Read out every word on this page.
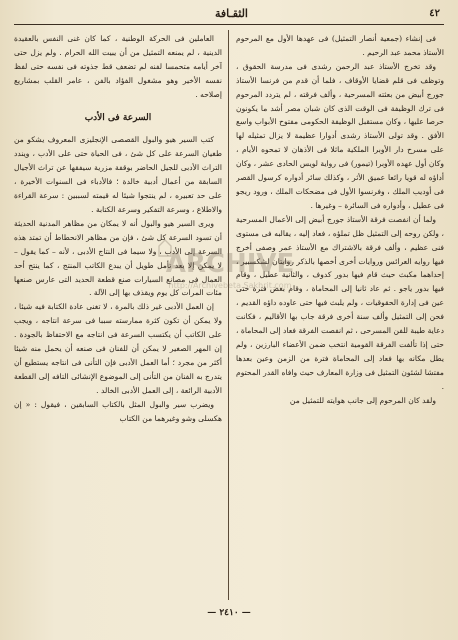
٤٢
الثقـافة

فى إنشاء (جمعية أنصار التمثيل) فى عهدها الأول مع المرحوم الأستاذ محمد عبد الرحيم .

وقد تخرج الأستاذ عبد الرحمن رشدى فى مدرسة الحقوق ، وتوظف فى قلم قضايا الأوقاف ، فلما أن قدم من فرنسا الأستاذ جورج أبيض من بعثته المسرحية ، وألف فرقته ، لم يتردد المرحوم فى ترك الوظيفة فى الوقت الذى كان شبان مصر أشد ما يكونون حرصا عليها ، وكان مستقبل الوظيفة الحكومى مفتوح الأبواب واسع الأفق . وقد تولى الأستاذ رشدى أدوارا عظيمة لا يزال تمثيله لها على مسرح دار الأوبرا الملكية ماثلا فى الأذهان لا تمحوه الأيام ، وكان أول عهده الأوبرا (تيمور) فى رواية لويس الحادى عشر ، وكان أداؤه له قويا رائعا عميق الأثر ، وكذلك سائر أدواره كرسول القصر فى أوديب الملك ، وفرنسوا الأول فى مضحكات الملك ، ورود ريجو فى عطيل ، وأدواره فى السائرة – وغيرها .

ولما أن انفصت فرقة الأستاذ جورج أبيض إلى الأعمال المسرحية ، ولكن روحه إلى التمثيل ظل تملؤه ، فعاد إليه ، يقالبه فى مستوى فنى عظيم ، وألف فرقة بالاشتراك مع الأستاذ عمر وصفى أخرج فيها روايه العرائس وروايات أخرى أخصها بالذكر روايتان لشكسبير ، إحداهما مكبث حيث قام فيها بدور كدوف ، والثانية عطيل ، وقام فيها بدور ياجو . ثم عاد ثانيا إلى المحاماة ، وقام بعض فترة حتى عين فى إدارة الحقوقيات ، ولم يلبث فيها حتى عاوده داؤه القديم ، فحن إلى التمثيل وألف سنة أخرى فرقة جاب بها الأقاليم ، فكانت دعاية طيبة للفن المسرحى ، ثم انفصت الفرقة فعاد إلى المحاماة ، حتى إذا تألفت الفرقة القومية انتخب ضمن الأعضاء البارزين ، ولم يطل مكانه بها فعاد إلى المحاماة فترة من الزمن وعين بعدها مفتشا لشئون التمثيل فى وزارة المعارف حيث وافاه القدر المحتوم .

ولقد كان المرحوم إلى جانب هوايته للتمثيل من

العاملين فى الحركة الوطنية ، كما كان غنى النفس بالعقيدة الدينية ، لم يمنعه التمثيل من أن يبيت الله الحرام . ولم يزل حتى آخر أيامه متحمسا لفنه لم تضعف قط جذوته فى نفسه حتى لفظ نفسه الأخير وهو مشغول الفؤاد بالفن ، عامر القلب بمشاريع إصلاحه .

السرعة فى الأدب

كتب السير هيو والبول القصصى الإنجليزى المعروف يشكو من طغيان السرعة على كل شئ ، فى الحياة حتى على الأدب ، ويندد التراث الأدبى للجيل الحاضر بوقفة مزرية سيفقها عن تراث الأجيال السابقة من أعمال أدبية خالدة ؛ فالأدباء فى السنوات الأخيرة ، على حد تعبيره ، لم ينتجوا شيئا له قيمته لسببين : سرعة القراءة والاطلاع ، وسرعة التفكير وسرعة الكتابة .

ويرى السير هيو والبول أنه لا يمكان من مظاهر المدنية الحديثة أن تسود السرعة كل شئ ، فإن من مظاهر الانحطاط أن تمتد هذه السرعة إلى الأدب ، ولا سيما فى النتاج الأدبى ، لأنه – كما يقول – لا يمكن إلا بعد تأمل طويل أن يبدع الكاتب المنتج ، كما ينتج أحد العمال فى مصانع السيارات صنع قطعة الحديد التى عارس صنعها مئات المرات كل يوم ويقذف بها إلى الآلة .

إن العمل الأدبى غير ذلك بالمرة ، لا تغنى عادة الكتابة فيه شيئا ، ولا يمكن أن تكون كثرة ممارسته سببا فى سرعة انتاجه ، ويجب على الكاتب أن يكتسب السرعة فى انتاجه مع الاحتفاظ بالجودة . إن المهر الصغير لا يمكن أن للفنان فى صنعه أن يحمل منه شيئا أكثر من مجرد ؛ أما العمل الأدبى فإن التأنى فى انتاجه يستطيع أن يتدرج به الفنان من التأنى إلى الموضوع الإنشائى التافه إلى القطعة الأدبية الرائعة ، إلى العمل الأدبى الخالد .

ويضرب سير والبول المثل بالكتاب السابقين ، فيقول : « إن هكسلى وشو وغيرهما من الكتاب

ARCHIVE
http://Archivebeta.Sakhrit.com
— ٢٤١٠ —
